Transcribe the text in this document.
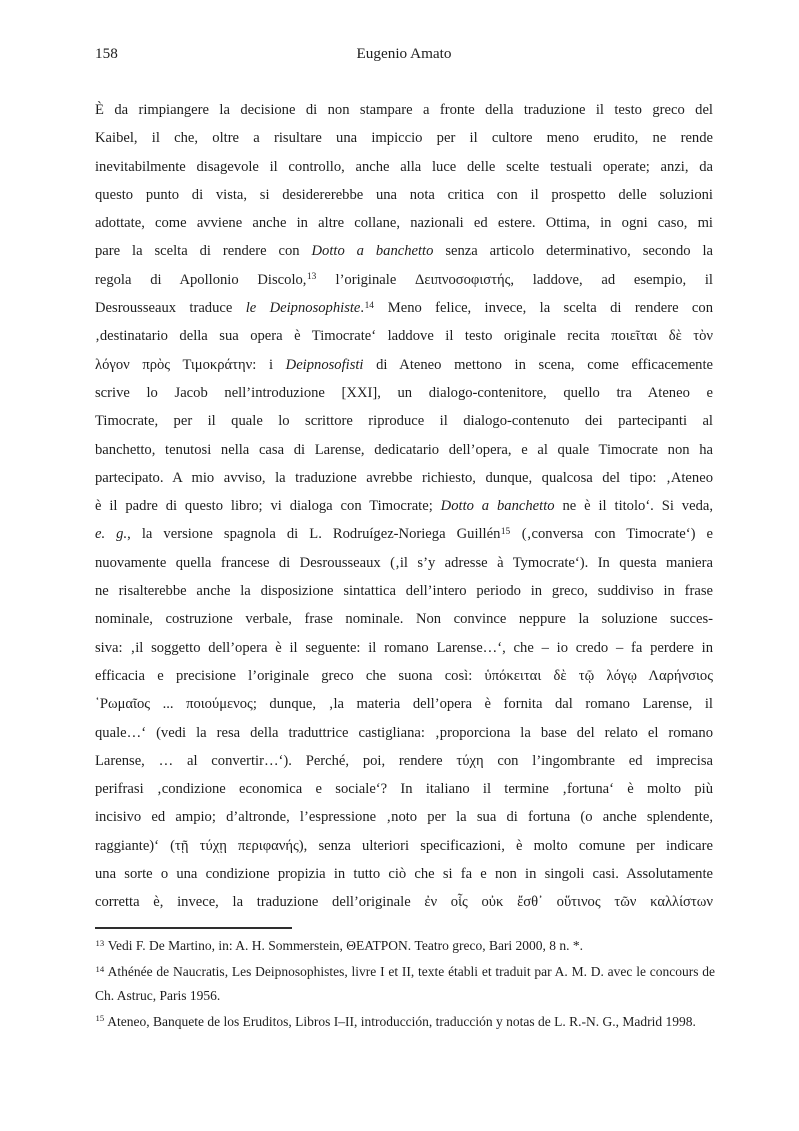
158	Eugenio Amato
È da rimpiangere la decisione di non stampare a fronte della traduzione il testo greco del
Kaibel, il che, oltre a risultare una impiccio per il cultore meno erudito, ne rende
inevitabilmente disagevole il controllo, anche alla luce delle scelte testuali operate; anzi, da
questo punto di vista, si desidererebbe una nota critica con il prospetto delle soluzioni
adottate, come avviene anche in altre collane, nazionali ed estere. Ottima, in ogni caso, mi
pare la scelta di rendere con Dotto a banchetto senza articolo determinativo, secondo la
regola di Apollonio Discolo,$^{13}$ l’originale Δειπνοσοφιστής, laddove, ad esempio, il
Desrousseaux traduce le Deipnosophiste.$^{14}$ Meno felice, invece, la scelta di rendere con
‚destinatario della sua opera è Timocrate‘ laddove il testo originale recita ποιεῖται δὲ τὸν
λόγον πρὸς Τιμοκράτην: i Deipnosofisti di Ateneo mettono in scena, come efficacemente
scrive lo Jacob nell’introduzione [XXI], un dialogo-contenitore, quello tra Ateneo e
Timocrate, per il quale lo scrittore riproduce il dialogo-contenuto dei partecipanti al
banchetto, tenutosi nella casa di Larense, dedicatario dell’opera, e al quale Timocrate non ha
partecipato. A mio avviso, la traduzione avrebbe richiesto, dunque, qualcosa del tipo: ‚Ateneo
è il padre di questo libro; vi dialoga con Timocrate; Dotto a banchetto ne è il titolo‘. Si veda,
e. g., la versione spagnola di L. Rodruígez-Noriega Guillén$^{15}$ (‚conversa con Timocrate‘) e
nuovamente quella francese di Desrousseaux (‚il s’y adresse à Tymocrate‘). In questa maniera
ne risalterebbe anche la disposizione sintattica dell’intero periodo in greco, suddiviso in frase
nominale, costruzione verbale, frase nominale. Non convince neppure la soluzione succes-
siva: ‚il soggetto dell’opera è il seguente: il romano Larense…‘, che – io credo – fa perdere in
efficacia e precisione l’originale greco che suona così: ὑπόκειται δὲ τῷ λόγῳ Λαρήνσιος
῾Ρωμαῖος ... ποιούμενος; dunque, ‚la materia dell’opera è fornita dal romano Larense, il
quale…‘ (vedi la resa della traduttrice castigliana: ‚proporciona la base del relato el romano
Larense, … al convertir…‘). Perché, poi, rendere τύχη con l’ingombrante ed imprecisa
perifrasi ‚condizione economica e sociale‘? In italiano il termine ‚fortuna‘ è molto più
incisivo ed ampio; d’altronde, l’espressione ‚noto per la sua di fortuna (o anche splendente,
raggiante)‘ (τῇ τύχῃ περιφανής), senza ulteriori specificazioni, è molto comune per indicare
una sorte o una condizione propizia in tutto ciò che si fa e non in singoli casi. Assolutamente
corretta è, invece, la traduzione dell’originale ἐν οἷς οὐκ ἔσθ᾽ οὕτινος τῶν καλλίστων
$^{13}$ Vedi F. De Martino, in: A. H. Sommerstein, ΘΕΑΤΡΟΝ. Teatro greco, Bari 2000, 8 n. *.
$^{14}$ Athénée de Naucratis, Les Deipnosophistes, livre I et II, texte établi et traduit par A. M. D. avec le concours de Ch. Astruc, Paris 1956.
$^{15}$ Ateneo, Banquete de los Eruditos, Libros I–II, introducción, traducción y notas de L. R.-N. G., Madrid 1998.
